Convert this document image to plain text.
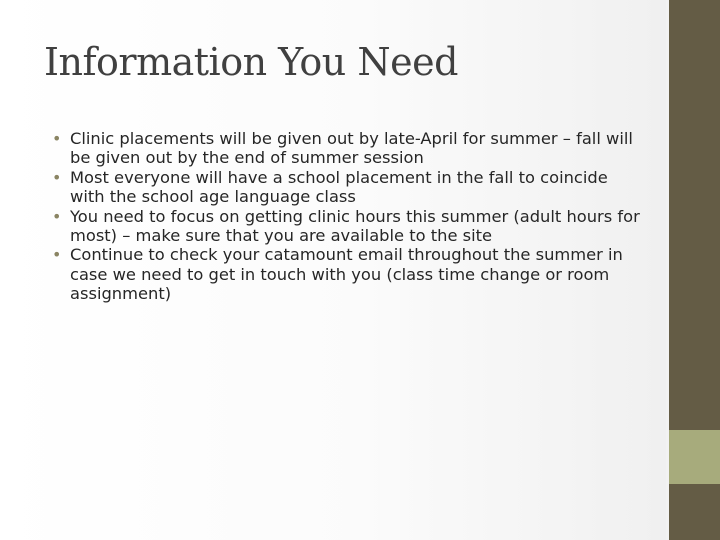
Information You Need
• Clinic placements will be given out by late-April for summer – fall will be given out by the end of summer session
• Most everyone will have a school placement in the fall to coincide with the school age language class
• You need to focus on getting clinic hours this summer (adult hours for most) – make sure that you are available to the site
• Continue to check your catamount email throughout the summer in case we need to get in touch with you (class time change or room assignment)
